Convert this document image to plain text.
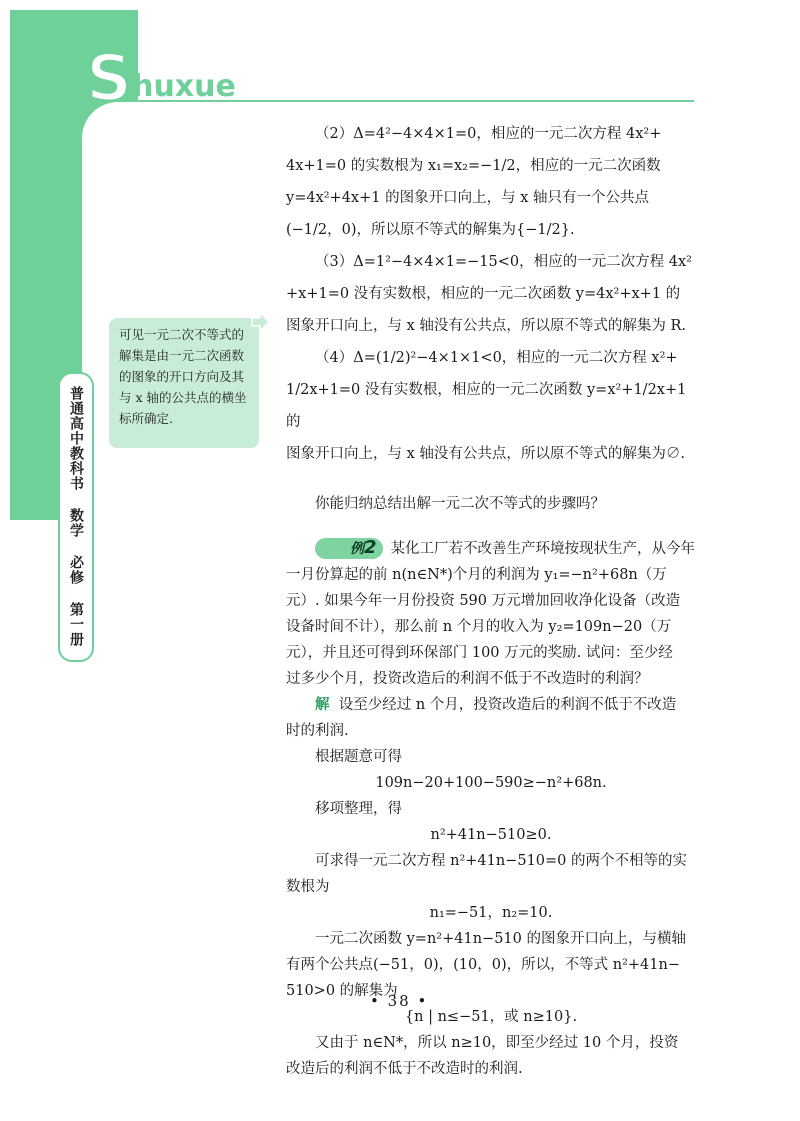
Shuxue
普通高中教科书 数学 必修 第一册
可见一元二次不等式的解集是由一元二次函数的图象的开口方向及其与 x 轴的公共点的横坐标所确定.

（2）Δ=4²−4×4×1=0，相应的一元二次方程 4x²+

4x+1=0 的实数根为 x₁=x₂=−1/2，相应的一元二次函数

y=4x²+4x+1 的图象开口向上，与 x 轴只有一个公共点

(−1/2，0)，所以原不等式的解集为{−1/2}.

（3）Δ=1²−4×4×1=−15<0，相应的一元二次方程 4x²

+x+1=0 没有实数根，相应的一元二次函数 y=4x²+x+1 的

图象开口向上，与 x 轴没有公共点，所以原不等式的解集为 R.

（4）Δ=(1/2)²−4×1×1<0，相应的一元二次方程 x²+

1/2x+1=0 没有实数根，相应的一元二次函数 y=x²+1/2x+1 的

图象开口向上，与 x 轴没有公共点，所以原不等式的解集为∅.

你能归纳总结出解一元二次不等式的步骤吗？

例2 某化工厂若不改善生产环境按现状生产，从今年

一月份算起的前 n(n∈N*)个月的利润为 y₁=−n²+68n（万

元）. 如果今年一月份投资 590 万元增加回收净化设备（改造

设备时间不计），那么前 n 个月的收入为 y₂=109n−20（万

元），并且还可得到环保部门 100 万元的奖励. 试问：至少经

过多少个月，投资改造后的利润不低于不改造时的利润？

解 设至少经过 n 个月，投资改造后的利润不低于不改造

时的利润.

根据题意可得

109n−20+100−590≥−n²+68n.

移项整理，得

n²+41n−510≥0.

可求得一元二次方程 n²+41n−510=0 的两个不相等的实

数根为

n₁=−51，n₂=10.

一元二次函数 y=n²+41n−510 的图象开口向上，与横轴

有两个公共点(−51，0)，(10，0)，所以，不等式 n²+41n−

510>0 的解集为

{n | n≤−51，或 n≥10}.

又由于 n∈N*，所以 n≥10，即至少经过 10 个月，投资

改造后的利润不低于不改造时的利润.

• 38 •
